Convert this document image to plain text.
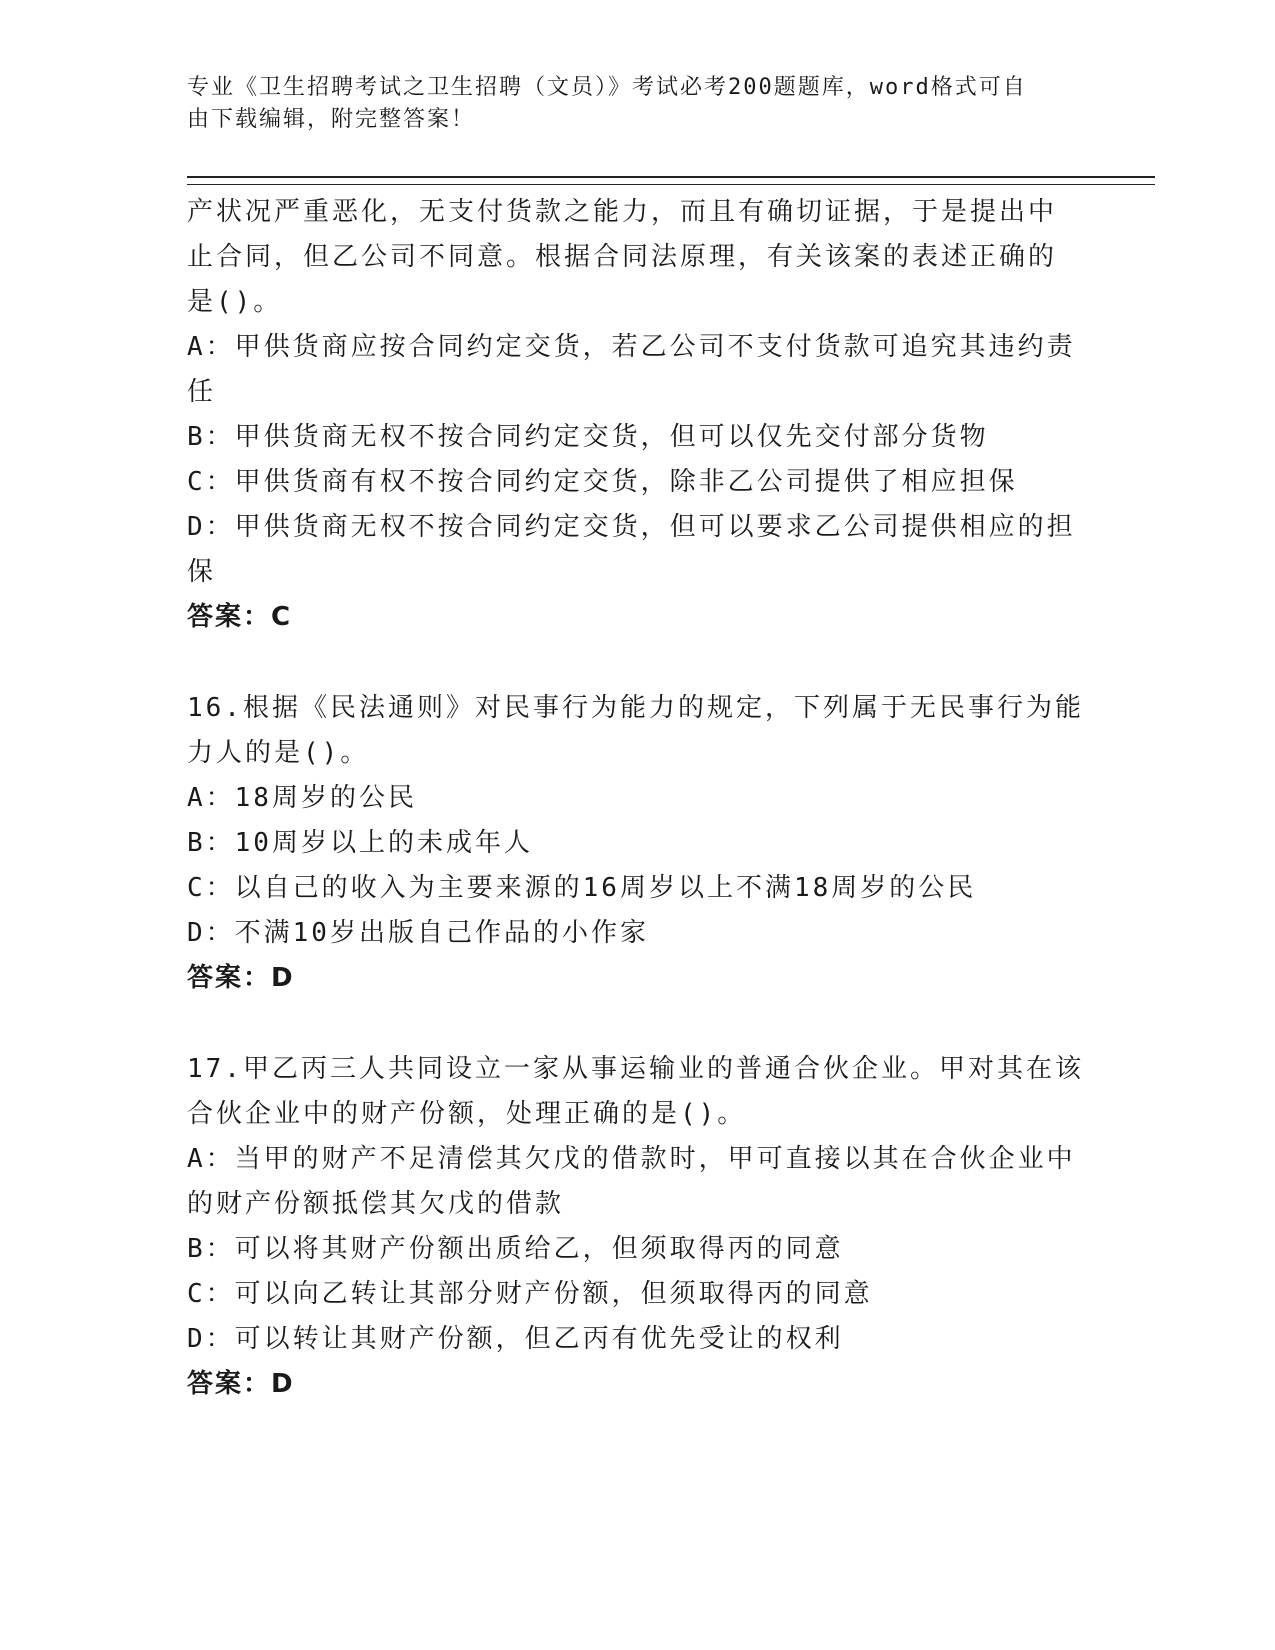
专业《卫生招聘考试之卫生招聘（文员）》考试必考200题题库，word格式可自
由下载编辑，附完整答案！
产状况严重恶化，无支付货款之能力，而且有确切证据，于是提出中
止合同，但乙公司不同意。根据合同法原理，有关该案的表述正确的
是()。
A：甲供货商应按合同约定交货，若乙公司不支付货款可追究其违约责
任
B：甲供货商无权不按合同约定交货，但可以仅先交付部分货物
C：甲供货商有权不按合同约定交货，除非乙公司提供了相应担保
D：甲供货商无权不按合同约定交货，但可以要求乙公司提供相应的担
保
答案：C
16.根据《民法通则》对民事行为能力的规定，下列属于无民事行为能
力人的是()。
A：18周岁的公民
B：10周岁以上的未成年人
C：以自己的收入为主要来源的16周岁以上不满18周岁的公民
D：不满10岁出版自己作品的小作家
答案：D
17.甲乙丙三人共同设立一家从事运输业的普通合伙企业。甲对其在该
合伙企业中的财产份额，处理正确的是()。
A：当甲的财产不足清偿其欠戊的借款时，甲可直接以其在合伙企业中
的财产份额抵偿其欠戊的借款
B：可以将其财产份额出质给乙，但须取得丙的同意
C：可以向乙转让其部分财产份额，但须取得丙的同意
D：可以转让其财产份额，但乙丙有优先受让的权利
答案：D
